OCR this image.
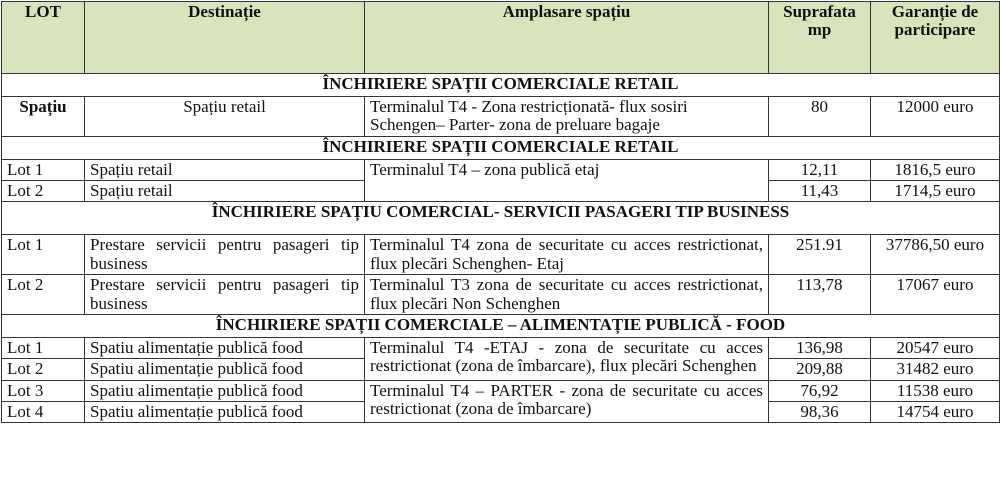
LOT	Destinație	Amplasare spațiu	Suprafata mp	Garanție de participare
ÎNCHIRIERE SPAȚII COMERCIALE RETAIL				
Spațiu	Spațiu retail	Terminalul T4 - Zona restricționată- flux sosiri Schengen– Parter- zona de preluare bagaje	80	12000 euro
ÎNCHIRIERE SPAȚII COMERCIALE RETAIL				
Lot 1	Spațiu retail	Terminalul T4 – zona publică etaj	12,11	1816,5 euro
Lot 2	Spațiu retail		11,43	1714,5 euro
ÎNCHIRIERE SPAȚIU COMERCIAL- SERVICII PASAGERI TIP BUSINESS				
Lot 1	Prestare servicii pentru pasageri tip business	Terminalul T4 zona de securitate cu acces restrictionat, flux plecări Schenghen- Etaj	251.91	37786,50 euro
Lot 2	Prestare servicii pentru pasageri tip business	Terminalul T3 zona de securitate cu acces restrictionat, flux plecări Non Schenghen	113,78	17067 euro
ÎNCHIRIERE SPAȚII COMERCIALE – ALIMENTAȚIE PUBLICĂ - FOOD				
Lot 1	Spatiu alimentație publică food	Terminalul T4 -ETAJ - zona de securitate cu acces restrictionat (zona de îmbarcare), flux plecări Schenghen	136,98	20547 euro
Lot 2	Spatiu alimentație publică food		209,88	31482 euro
Lot 3	Spatiu alimentație publică food	Terminalul T4 – PARTER - zona de securitate cu acces restrictionat (zona de îmbarcare)	76,92	11538 euro
Lot 4	Spatiu alimentație publică food		98,36	14754 euro
